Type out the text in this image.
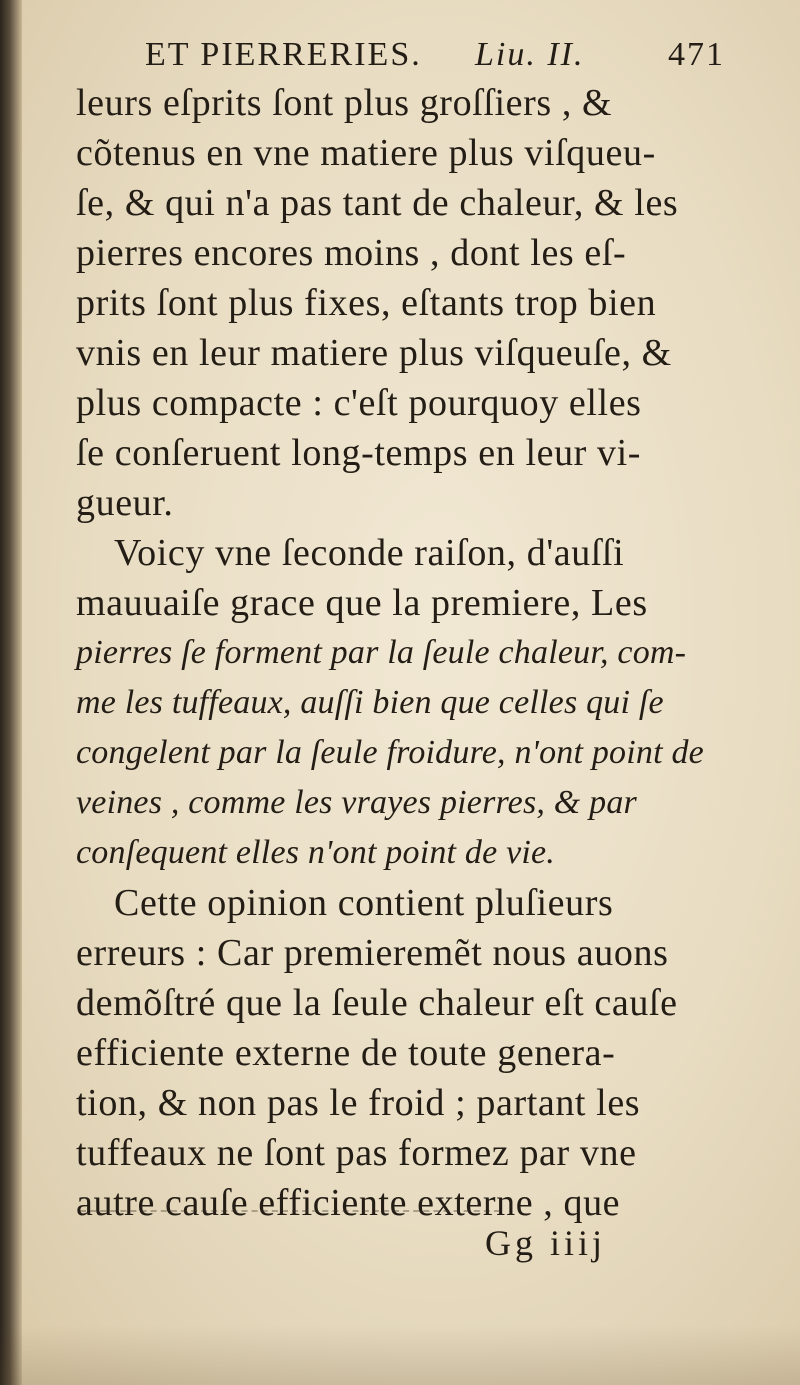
ET PIERRERIES. Liu. II. 471
leurs eſprits ſont plus groſſiers , &
cõtenus en vne matiere plus viſqueu-
ſe, & qui n'a pas tant de chaleur, & les
pierres encores moins , dont les eſ-
prits ſont plus fixes, eſtants trop bien
vnis en leur matiere plus viſqueuſe, &
plus compacte : c'eſt pourquoy elles
ſe conſeruent long-temps en leur vi-
gueur.
Voicy vne ſeconde raiſon, d'auſſi
mauuaiſe grace que la premiere, Les
pierres ſe forment par la ſeule chaleur, com-
me les tuffeaux, auſſi bien que celles qui ſe
congelent par la ſeule froidure, n'ont point de
veines , comme les vrayes pierres, & par
conſequent elles n'ont point de vie.
Cette opinion contient pluſieurs
erreurs : Car premieremẽt nous auons
demõſtré que la ſeule chaleur eſt cauſe
efficiente externe de toute genera-
tion, & non pas le froid ; partant les
tuffeaux ne ſont pas formez par vne
autre cauſe efficiente externe , que
Gg iiij
